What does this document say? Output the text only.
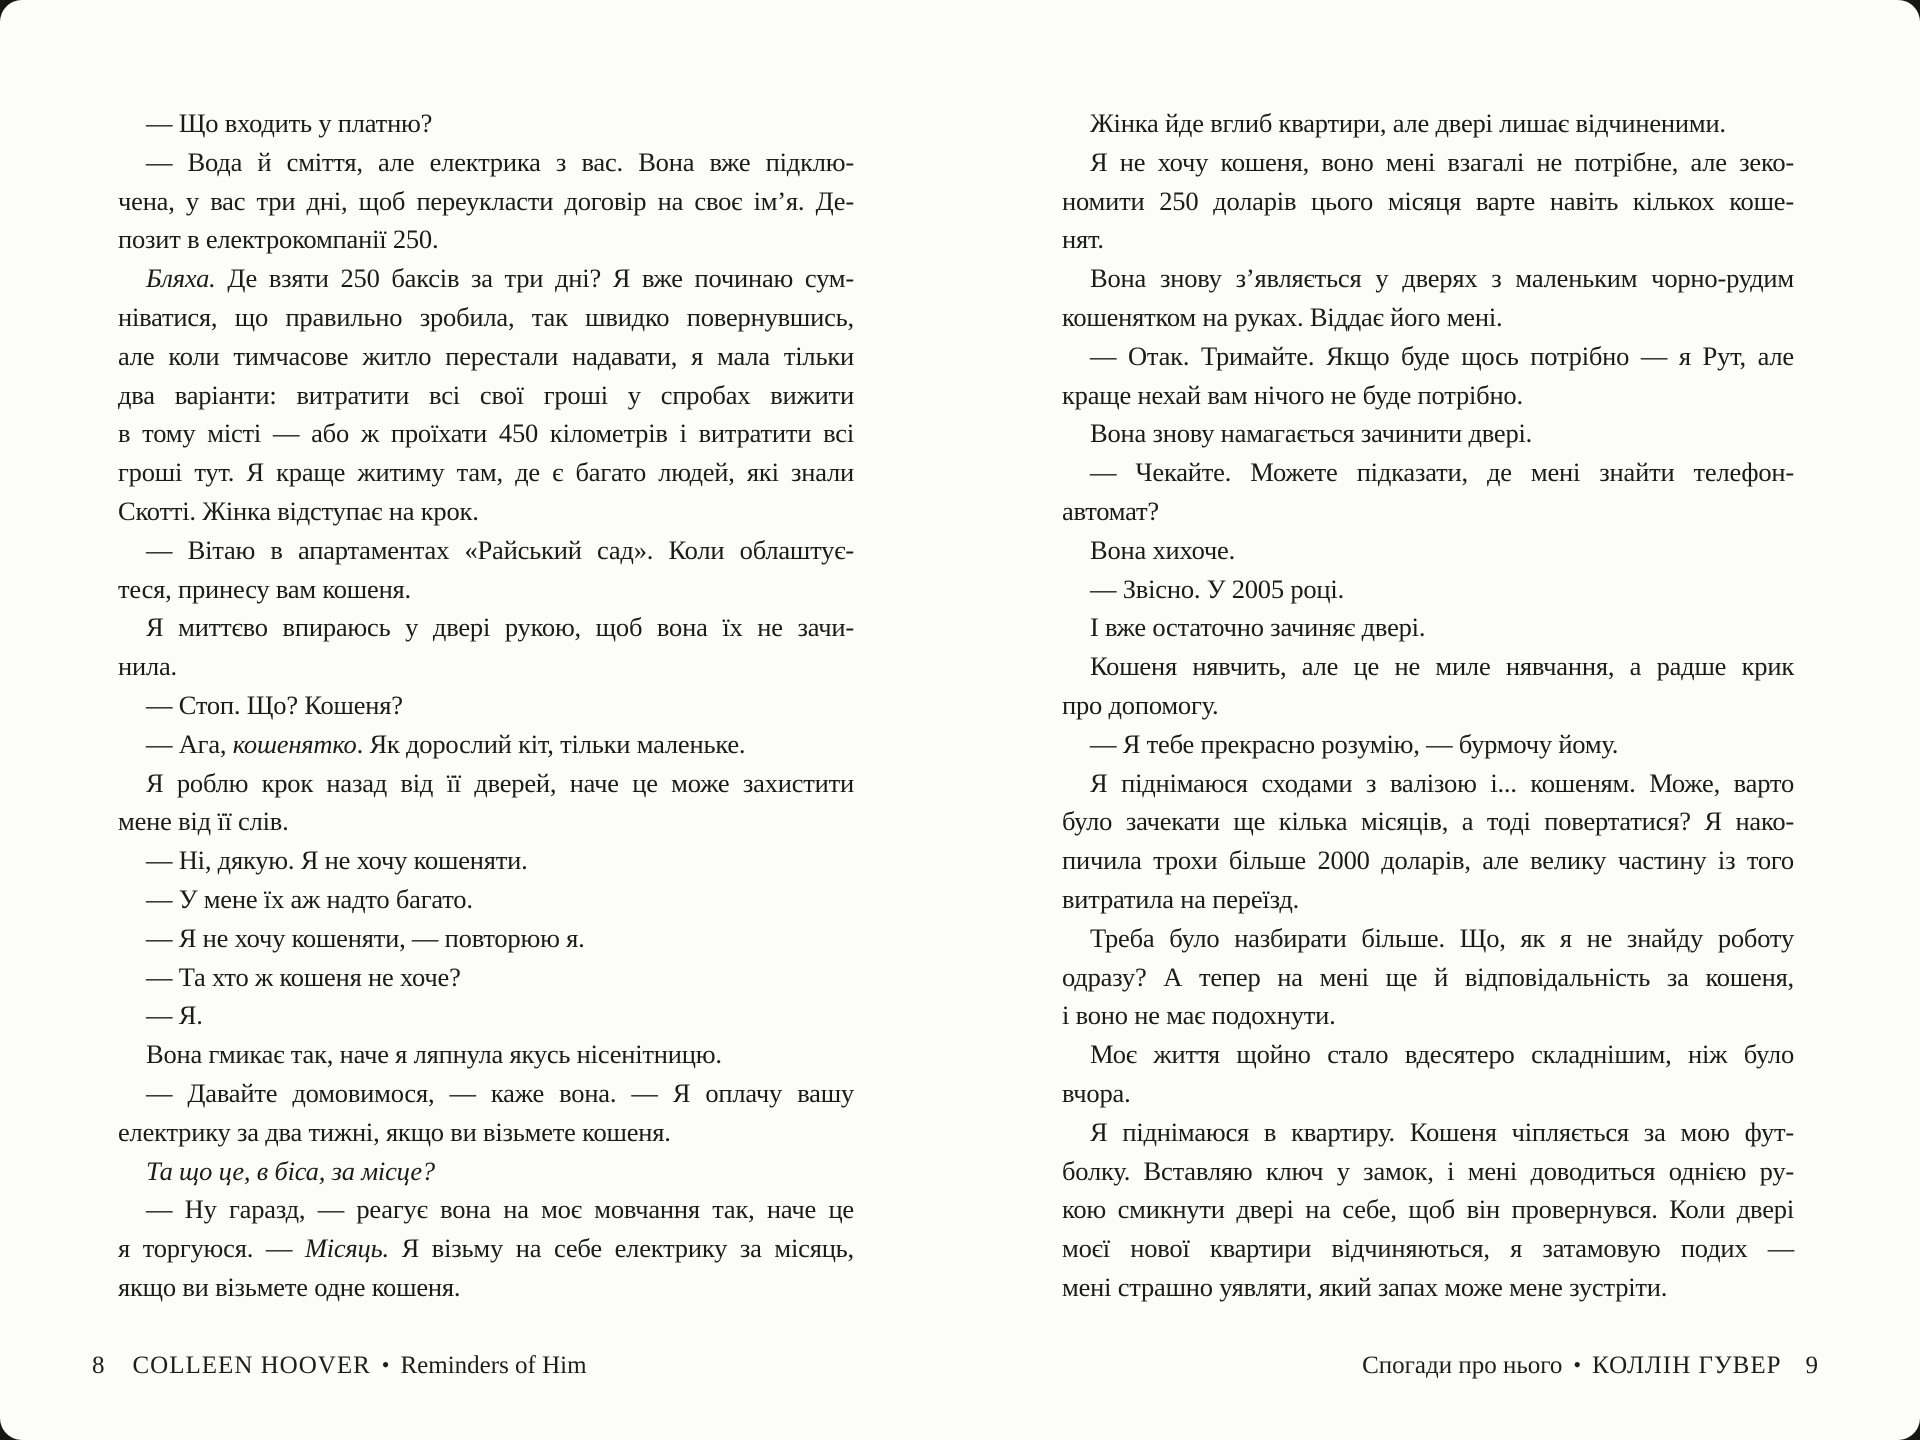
— Що входить у платню?
— Вода й сміття, але електрика з вас. Вона вже підклю-
чена, у вас три дні, щоб переукласти договір на своє ім’я. Де-
позит в електрокомпанії 250.
Бляха. Де взяти 250 баксів за три дні? Я вже починаю сум-
ніватися, що правильно зробила, так швидко повернувшись,
але коли тимчасове житло перестали надавати, я мала тільки
два варіанти: витратити всі свої гроші у спробах вижити
в тому місті — або ж проїхати 450 кілометрів і витратити всі
гроші тут. Я краще житиму там, де є багато людей, які знали
Скотті. Жінка відступає на крок.
— Вітаю в апартаментах «Райський сад». Коли облаштує-
теся, принесу вам кошеня.
Я миттєво впираюсь у двері рукою, щоб вона їх не зачи-
нила.
— Стоп. Що? Кошеня?
— Ага, кошенятко. Як дорослий кіт, тільки маленьке.
Я роблю крок назад від її дверей, наче це може захистити
мене від її слів.
— Ні, дякую. Я не хочу кошеняти.
— У мене їх аж надто багато.
— Я не хочу кошеняти, — повторюю я.
— Та хто ж кошеня не хоче?
— Я.
Вона гмикає так, наче я ляпнула якусь нісенітницю.
— Давайте домовимося, — каже вона. — Я оплачу вашу
електрику за два тижні, якщо ви візьмете кошеня.
Та що це, в біса, за місце?
— Ну гаразд, — реагує вона на моє мовчання так, наче це
я торгуюся. — Місяць. Я візьму на себе електрику за місяць,
якщо ви візьмете одне кошеня.
Жінка йде вглиб квартири, але двері лишає відчиненими.
Я не хочу кошеня, воно мені взагалі не потрібне, але зеко-
номити 250 доларів цього місяця варте навіть кількох коше-
нят.
Вона знову з’являється у дверях з маленьким чорно-рудим
кошенятком на руках. Віддає його мені.
— Отак. Тримайте. Якщо буде щось потрібно — я Рут, але
краще нехай вам нічого не буде потрібно.
Вона знову намагається зачинити двері.
— Чекайте. Можете підказати, де мені знайти телефон-
автомат?
Вона хихоче.
— Звісно. У 2005 році.
І вже остаточно зачиняє двері.
Кошеня нявчить, але це не миле нявчання, а радше крик
про допомогу.
— Я тебе прекрасно розумію, — бурмочу йому.
Я піднімаюся сходами з валізою і... кошеням. Може, варто
було зачекати ще кілька місяців, а тоді повертатися? Я нако-
пичила трохи більше 2000 доларів, але велику частину із того
витратила на переїзд.
Треба було назбирати більше. Що, як я не знайду роботу
одразу? А тепер на мені ще й відповідальність за кошеня,
і воно не має подохнути.
Моє життя щойно стало вдесятеро складнішим, ніж було
вчора.
Я піднімаюся в квартиру. Кошеня чіпляється за мою фут-
болку. Вставляю ключ у замок, і мені доводиться однією ру-
кою смикнути двері на себе, щоб він провернувся. Коли двері
моєї нової квартири відчиняються, я затамовую подих —
мені страшно уявляти, який запах може мене зустріти.
8 COLLEEN HOOVER • Reminders of Him	Спогади про нього • КОЛЛІН ГУВЕР 9
